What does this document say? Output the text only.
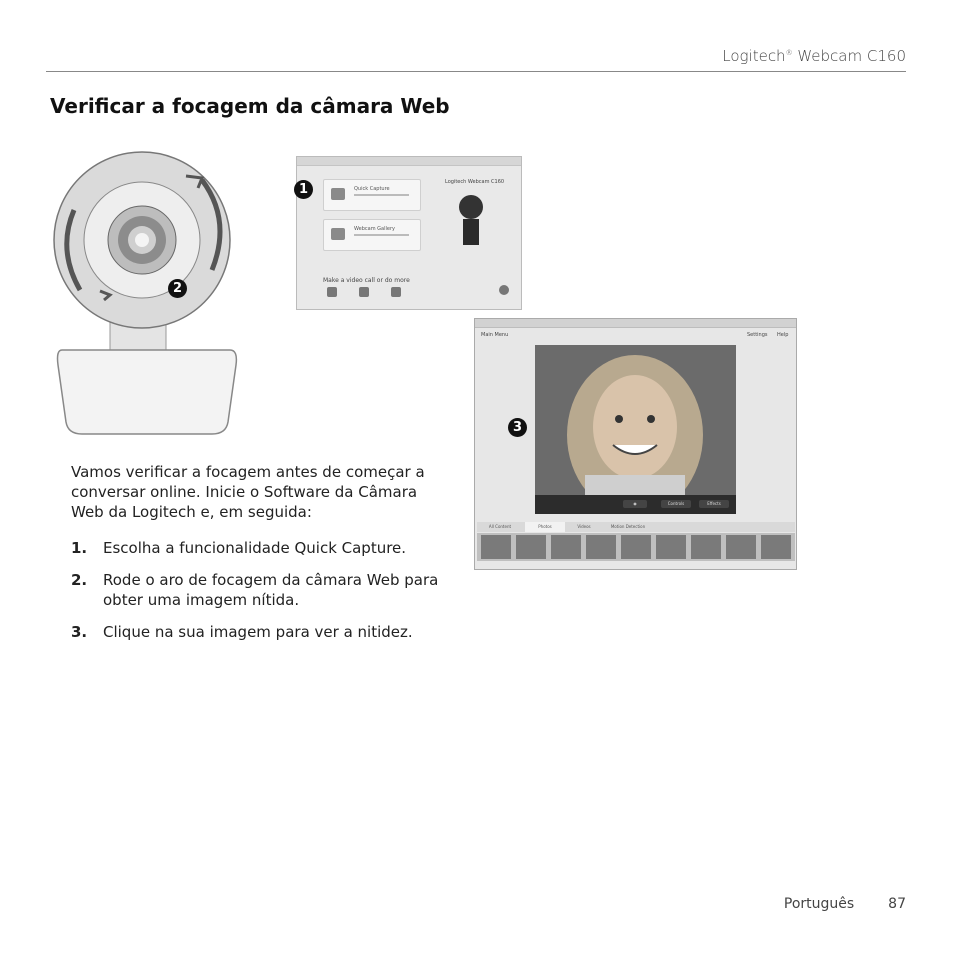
Logitech® Webcam C160
Verificar a focagem da câmara Web
2
Quick Capture
Webcam Gallery
Make a video call or do more
Logitech Webcam C160
1
Main Menu	Settings Help
◉	Controls	Effects
All Content	Photos	Videos	Motion Detection
3
Vamos verificar a focagem antes de começar a conversar online. Inicie o Software da Câmara Web da Logitech e, em seguida:
1.	Escolha a funcionalidade Quick Capture.
2.	Rode o aro de focagem da câmara Web para obter uma imagem nítida.
3.	Clique na sua imagem para ver a nitidez.
Português 87
